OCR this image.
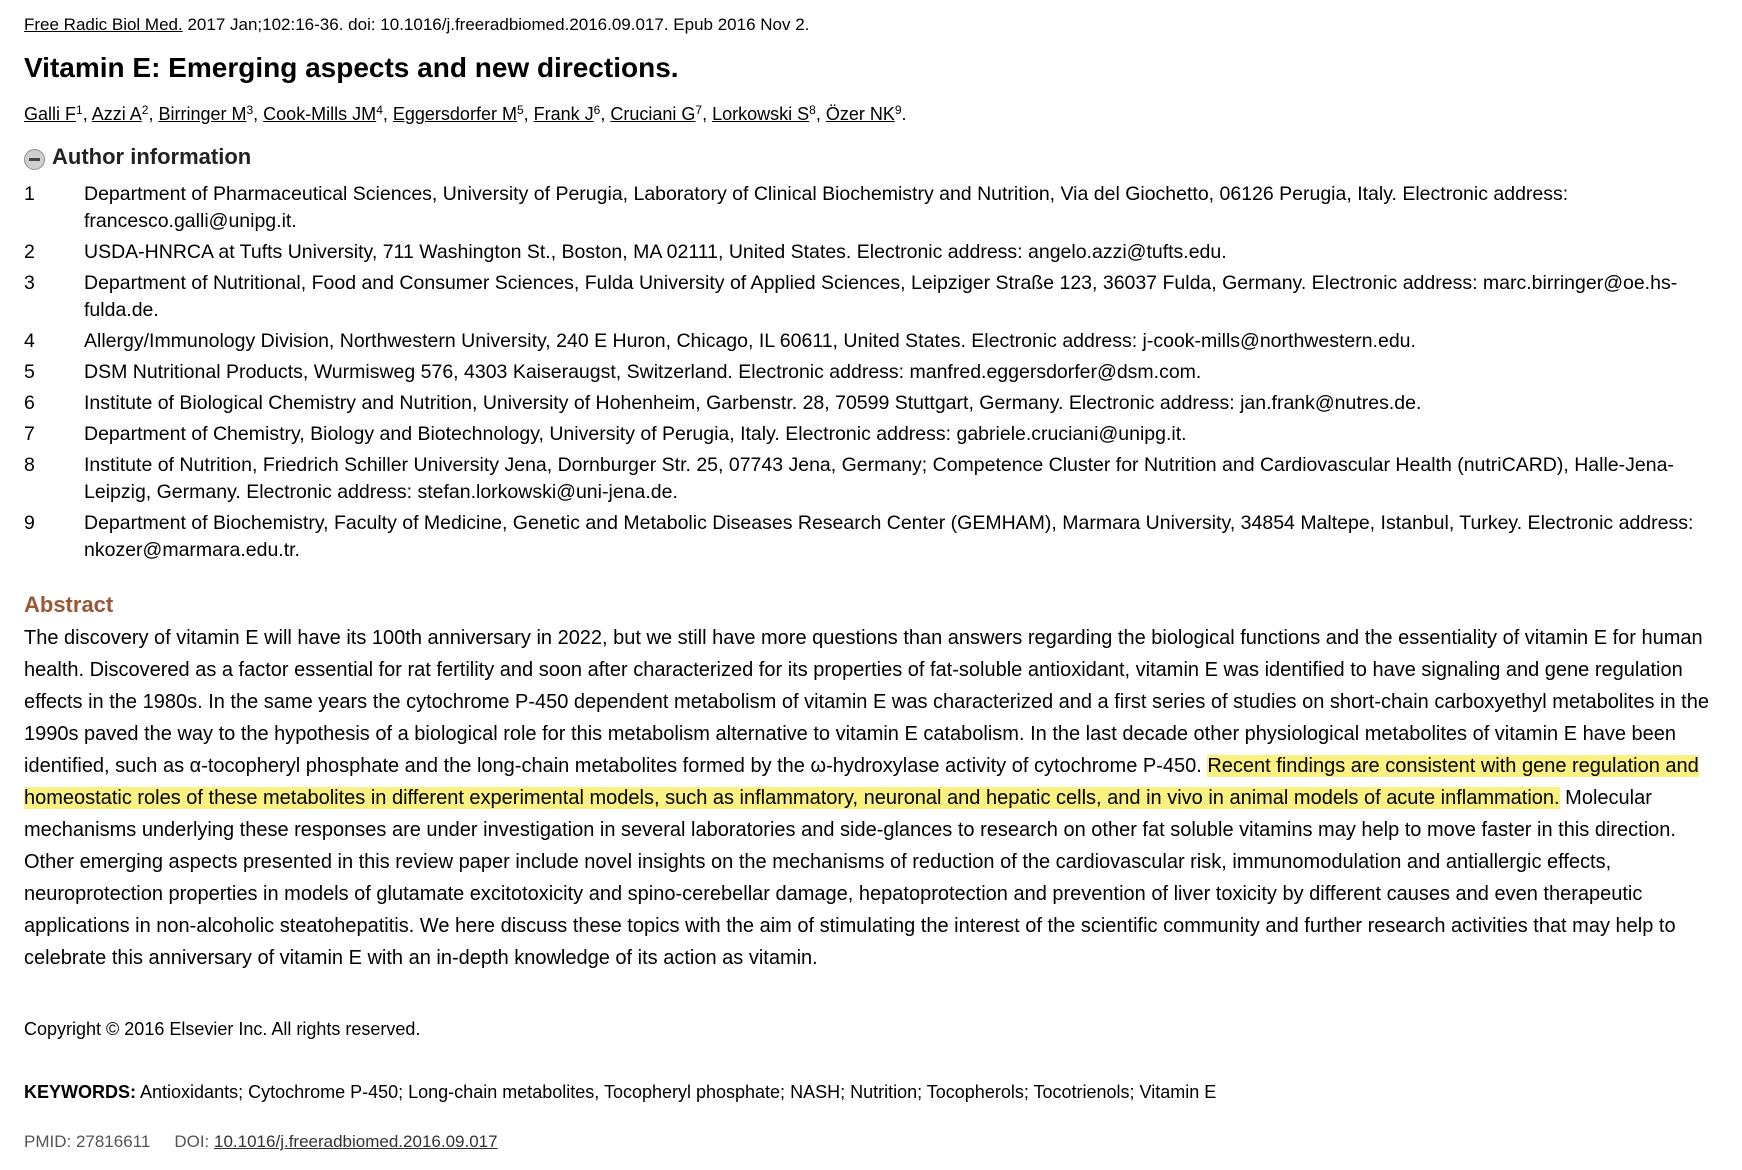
Free Radic Biol Med. 2017 Jan;102:16-36. doi: 10.1016/j.freeradbiomed.2016.09.017. Epub 2016 Nov 2.
Vitamin E: Emerging aspects and new directions.
Galli $F^1$, Azzi $A^2$, Birringer $M^3$, Cook-Mills $JM^4$, Eggersdorfer $M^5$, Frank $J^6$, Cruciani $G^7$, Lorkowski $S^8$, Özer $NK^9$.
Author information
1	Department of Pharmaceutical Sciences, University of Perugia, Laboratory of Clinical Biochemistry and Nutrition, Via del Giochetto, 06126 Perugia, Italy. Electronic address: francesco.galli@unipg.it.
2	USDA-HNRCA at Tufts University, 711 Washington St., Boston, MA 02111, United States. Electronic address: angelo.azzi@tufts.edu.
3	Department of Nutritional, Food and Consumer Sciences, Fulda University of Applied Sciences, Leipziger Straße 123, 36037 Fulda, Germany. Electronic address: marc.birringer@oe.hs-fulda.de.
4	Allergy/Immunology Division, Northwestern University, 240 E Huron, Chicago, IL 60611, United States. Electronic address: j-cook-mills@northwestern.edu.
5	DSM Nutritional Products, Wurmisweg 576, 4303 Kaiseraugst, Switzerland. Electronic address: manfred.eggersdorfer@dsm.com.
6	Institute of Biological Chemistry and Nutrition, University of Hohenheim, Garbenstr. 28, 70599 Stuttgart, Germany. Electronic address: jan.frank@nutres.de.
7	Department of Chemistry, Biology and Biotechnology, University of Perugia, Italy. Electronic address: gabriele.cruciani@unipg.it.
8	Institute of Nutrition, Friedrich Schiller University Jena, Dornburger Str. 25, 07743 Jena, Germany; Competence Cluster for Nutrition and Cardiovascular Health (nutriCARD), Halle-Jena-Leipzig, Germany. Electronic address: stefan.lorkowski@uni-jena.de.
9	Department of Biochemistry, Faculty of Medicine, Genetic and Metabolic Diseases Research Center (GEMHAM), Marmara University, 34854 Maltepe, Istanbul, Turkey. Electronic address: nkozer@marmara.edu.tr.
Abstract

The discovery of vitamin E will have its 100th anniversary in 2022, but we still have more questions than answers regarding the biological functions and the essentiality of vitamin E for human health. Discovered as a factor essential for rat fertility and soon after characterized for its properties of fat-soluble antioxidant, vitamin E was identified to have signaling and gene regulation effects in the 1980s. In the same years the cytochrome P-450 dependent metabolism of vitamin E was characterized and a first series of studies on short-chain carboxyethyl metabolites in the 1990s paved the way to the hypothesis of a biological role for this metabolism alternative to vitamin E catabolism. In the last decade other physiological metabolites of vitamin E have been identified, such as α-tocopheryl phosphate and the long-chain metabolites formed by the ω-hydroxylase activity of cytochrome P-450. Recent findings are consistent with gene regulation and homeostatic roles of these metabolites in different experimental models, such as inflammatory, neuronal and hepatic cells, and in vivo in animal models of acute inflammation. Molecular mechanisms underlying these responses are under investigation in several laboratories and side-glances to research on other fat soluble vitamins may help to move faster in this direction. Other emerging aspects presented in this review paper include novel insights on the mechanisms of reduction of the cardiovascular risk, immunomodulation and antiallergic effects, neuroprotection properties in models of glutamate excitotoxicity and spino-cerebellar damage, hepatoprotection and prevention of liver toxicity by different causes and even therapeutic applications in non-alcoholic steatohepatitis. We here discuss these topics with the aim of stimulating the interest of the scientific community and further research activities that may help to celebrate this anniversary of vitamin E with an in-depth knowledge of its action as vitamin.

Copyright © 2016 Elsevier Inc. All rights reserved.
KEYWORDS: Antioxidants; Cytochrome P-450; Long-chain metabolites, Tocopheryl phosphate; NASH; Nutrition; Tocopherols; Tocotrienols; Vitamin E
PMID: 27816611 DOI: 10.1016/j.freeradbiomed.2016.09.017
